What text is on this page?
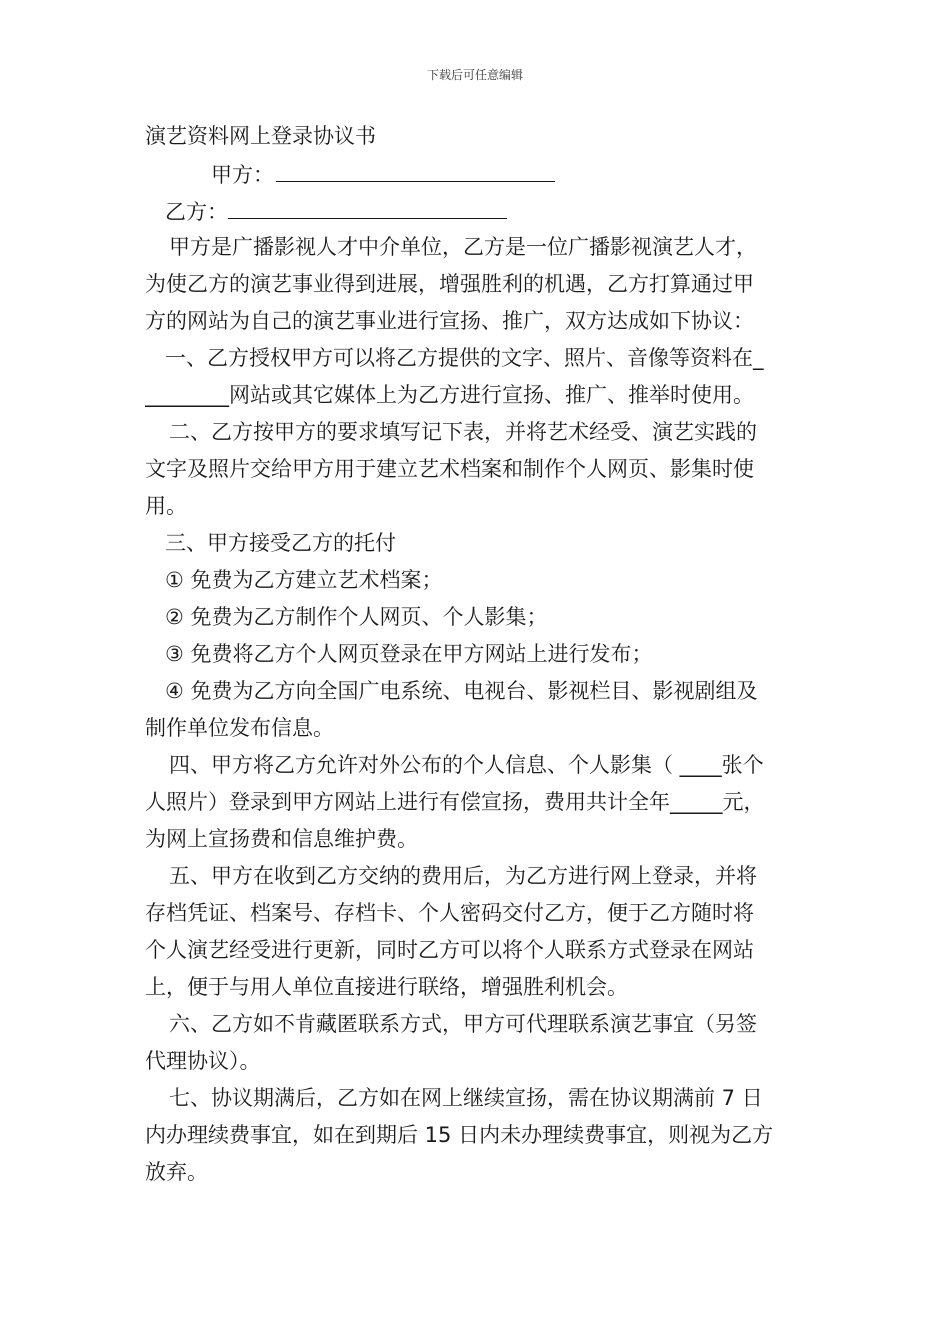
下载后可任意编辑
演艺资料网上登录协议书
甲方：
乙方：
甲方是广播影视人才中介单位，乙方是一位广播影视演艺人才，
为使乙方的演艺事业得到进展，增强胜利的机遇，乙方打算通过甲
方的网站为自己的演艺事业进行宣扬、推广，双方达成如下协议：
一、乙方授权甲方可以将乙方提供的文字、照片、音像等资料在_
________网站或其它媒体上为乙方进行宣扬、推广、推举时使用。
二、乙方按甲方的要求填写记下表，并将艺术经受、演艺实践的
文字及照片交给甲方用于建立艺术档案和制作个人网页、影集时使
用。
三、甲方接受乙方的托付
① 免费为乙方建立艺术档案；
② 免费为乙方制作个人网页、个人影集；
③ 免费将乙方个人网页登录在甲方网站上进行发布；
④ 免费为乙方向全国广电系统、电视台、影视栏目、影视剧组及
制作单位发布信息。
四、甲方将乙方允许对外公布的个人信息、个人影集（ ____张个
人照片）登录到甲方网站上进行有偿宣扬，费用共计全年_____元，
为网上宣扬费和信息维护费。
五、甲方在收到乙方交纳的费用后，为乙方进行网上登录，并将
存档凭证、档案号、存档卡、个人密码交付乙方，便于乙方随时将
个人演艺经受进行更新，同时乙方可以将个人联系方式登录在网站
上，便于与用人单位直接进行联络，增强胜利机会。
六、乙方如不肯藏匿联系方式，甲方可代理联系演艺事宜（另签
代理协议）。
七、协议期满后，乙方如在网上继续宣扬，需在协议期满前 7 日
内办理续费事宜，如在到期后 15 日内未办理续费事宜，则视为乙方
放弃。
